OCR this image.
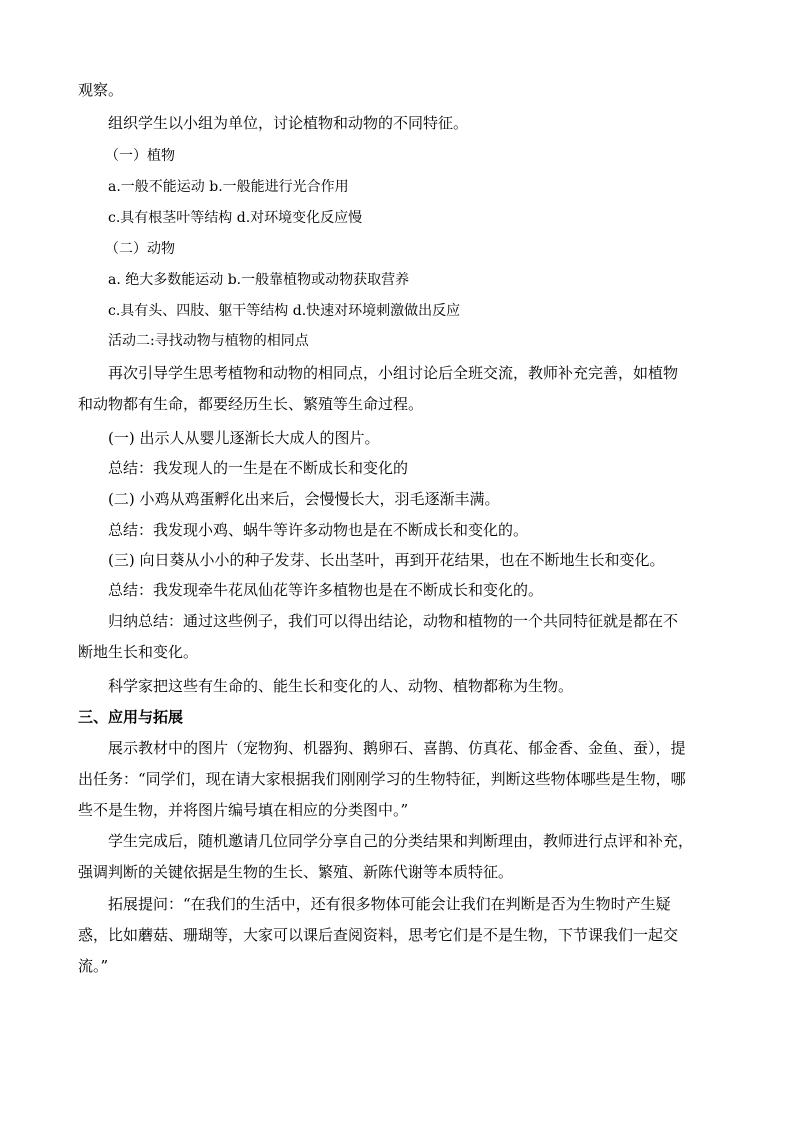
观察。
组织学生以小组为单位，讨论植物和动物的不同特征。
（一）植物
a.一般不能运动 b.一般能进行光合作用
c.具有根茎叶等结构 d.对环境变化反应慢
（二）动物
a. 绝大多数能运动 b.一般靠植物或动物获取营养
c.具有头、四肢、躯干等结构 d.快速对环境刺激做出反应
活动二:寻找动物与植物的相同点
再次引导学生思考植物和动物的相同点，小组讨论后全班交流，教师补充完善，如植物
和动物都有生命，都要经历生长、繁殖等生命过程。
(一) 出示人从婴儿逐渐长大成人的图片。
总结：我发现人的一生是在不断成长和变化的
(二) 小鸡从鸡蛋孵化出来后，会慢慢长大，羽毛逐渐丰满。
总结：我发现小鸡、蜗牛等许多动物也是在不断成长和变化的。
(三) 向日葵从小小的种子发芽、长出茎叶，再到开花结果，也在不断地生长和变化。
总结：我发现牵牛花凤仙花等许多植物也是在不断成长和变化的。
归纳总结：通过这些例子，我们可以得出结论，动物和植物的一个共同特征就是都在不
断地生长和变化。
科学家把这些有生命的、能生长和变化的人、动物、植物都称为生物。
三、应用与拓展
展示教材中的图片（宠物狗、机器狗、鹅卵石、喜鹊、仿真花、郁金香、金鱼、蚕），提
出任务：“同学们，现在请大家根据我们刚刚学习的生物特征，判断这些物体哪些是生物，哪
些不是生物，并将图片编号填在相应的分类图中。”
学生完成后，随机邀请几位同学分享自己的分类结果和判断理由，教师进行点评和补充，
强调判断的关键依据是生物的生长、繁殖、新陈代谢等本质特征。
拓展提问：“在我们的生活中，还有很多物体可能会让我们在判断是否为生物时产生疑
惑，比如蘑菇、珊瑚等，大家可以课后查阅资料，思考它们是不是生物，下节课我们一起交
流。”
